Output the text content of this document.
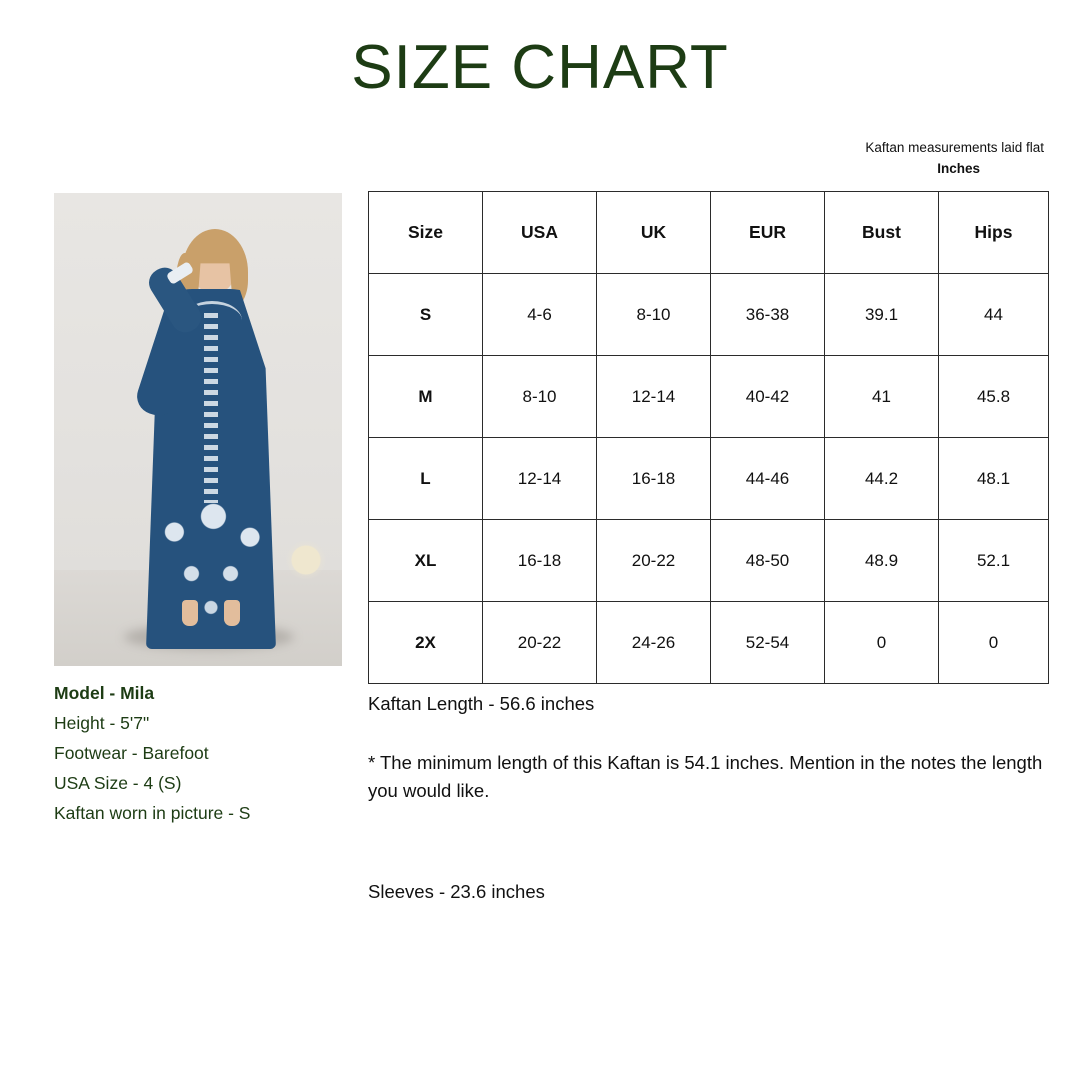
SIZE CHART
Kaftan measurements laid flat
Inches
Model - Mila
Height - 5'7"
Footwear - Barefoot
USA Size - 4 (S)
Kaftan worn in picture - S
Size	USA	UK	EUR	Bust	Hips
S	4-6	8-10	36-38	39.1	44
M	8-10	12-14	40-42	41	45.8
L	12-14	16-18	44-46	44.2	48.1
XL	16-18	20-22	48-50	48.9	52.1
2X	20-22	24-26	52-54	0	0

Kaftan Length - 56.6 inches

* The minimum length of this Kaftan is 54.1 inches. Mention in the notes the length you would like.

Sleeves - 23.6 inches
